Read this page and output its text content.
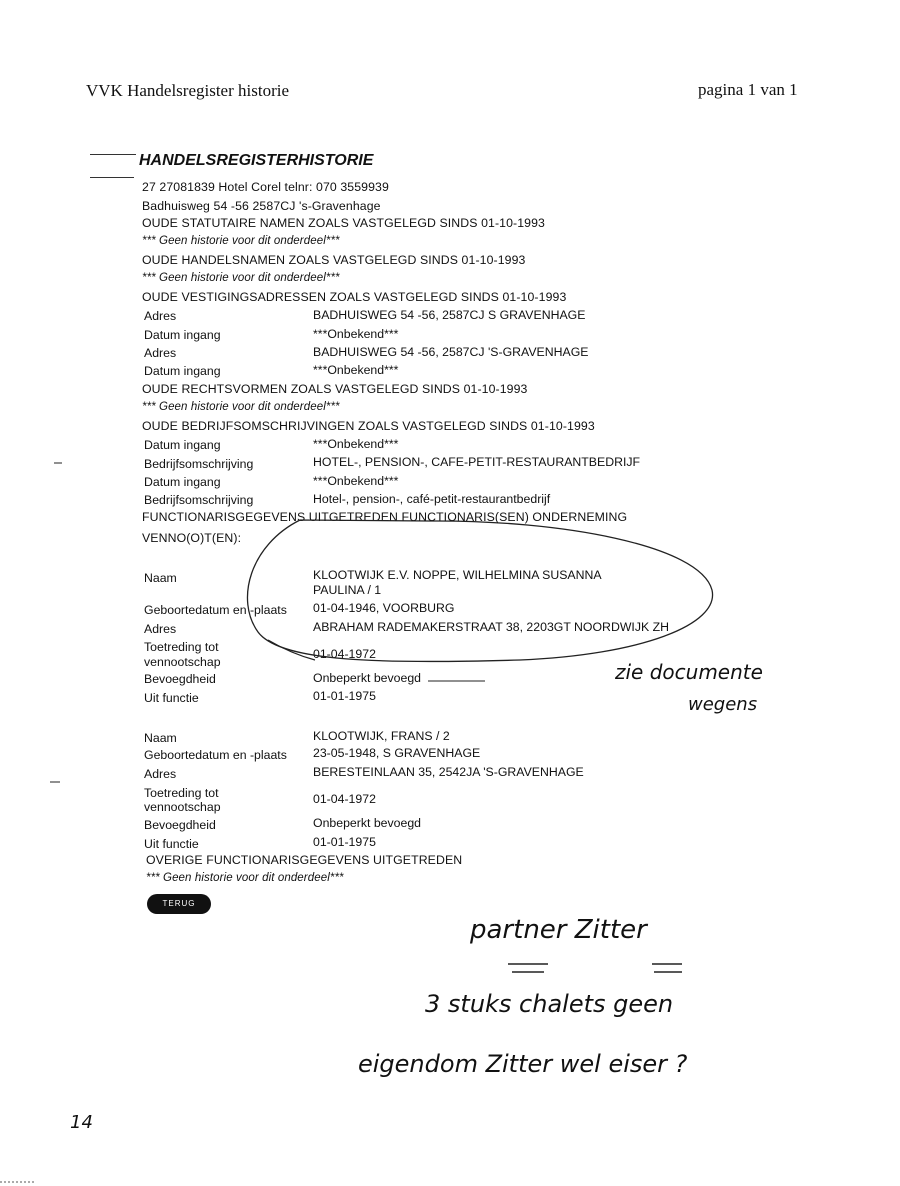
VVK Handelsregister historie	pagina 1 van 1
HANDELSREGISTERHISTORIE
27 27081839 Hotel Corel telnr: 070 3559939
Badhuisweg 54 -56 2587CJ 's-Gravenhage
OUDE STATUTAIRE NAMEN ZOALS VASTGELEGD SINDS 01-10-1993
*** Geen historie voor dit onderdeel***
OUDE HANDELSNAMEN ZOALS VASTGELEGD SINDS 01-10-1993
*** Geen historie voor dit onderdeel***
OUDE VESTIGINGSADRESSEN ZOALS VASTGELEGD SINDS 01-10-1993
Adres	BADHUISWEG 54 -56, 2587CJ S GRAVENHAGE
Datum ingang	***Onbekend***
Adres	BADHUISWEG 54 -56, 2587CJ 'S-GRAVENHAGE
Datum ingang	***Onbekend***
OUDE RECHTSVORMEN ZOALS VASTGELEGD SINDS 01-10-1993
*** Geen historie voor dit onderdeel***
OUDE BEDRIJFSOMSCHRIJVINGEN ZOALS VASTGELEGD SINDS 01-10-1993
Datum ingang	***Onbekend***
Bedrijfsomschrijving	HOTEL-, PENSION-, CAFE-PETIT-RESTAURANTBEDRIJF
Datum ingang	***Onbekend***
Bedrijfsomschrijving	Hotel-, pension-, café-petit-restaurantbedrijf
FUNCTIONARISGEGEVENS UITGETREDEN FUNCTIONARIS(SEN) ONDERNEMING
VENNO(O)T(EN):
Naam	KLOOTWIJK E.V. NOPPE, WILHELMINA SUSANNA
PAULINA / 1
Geboortedatum en -plaats 01-04-1946, VOORBURG
Adres	ABRAHAM RADEMAKERSTRAAT 38, 2203GT NOORDWIJK ZH
Toetreding tot
vennootschap
01-04-1972
Bevoegdheid	Onbeperkt bevoegd
Uit functie	01-01-1975
Naam	KLOOTWIJK, FRANS / 2
Geboortedatum en -plaats 23-05-1948, S GRAVENHAGE
Adres	BERESTEINLAAN 35, 2542JA 'S-GRAVENHAGE
Toetreding tot
vennootschap
01-04-1972
Bevoegdheid	Onbeperkt bevoegd
Uit functie	01-01-1975
OVERIGE FUNCTIONARISGEGEVENS UITGETREDEN
*** Geen historie voor dit onderdeel***
TERUG
zie documente
wegens
partner Zitter
3 stuks chalets geen
eigendom Zitter wel eiser ?
14
